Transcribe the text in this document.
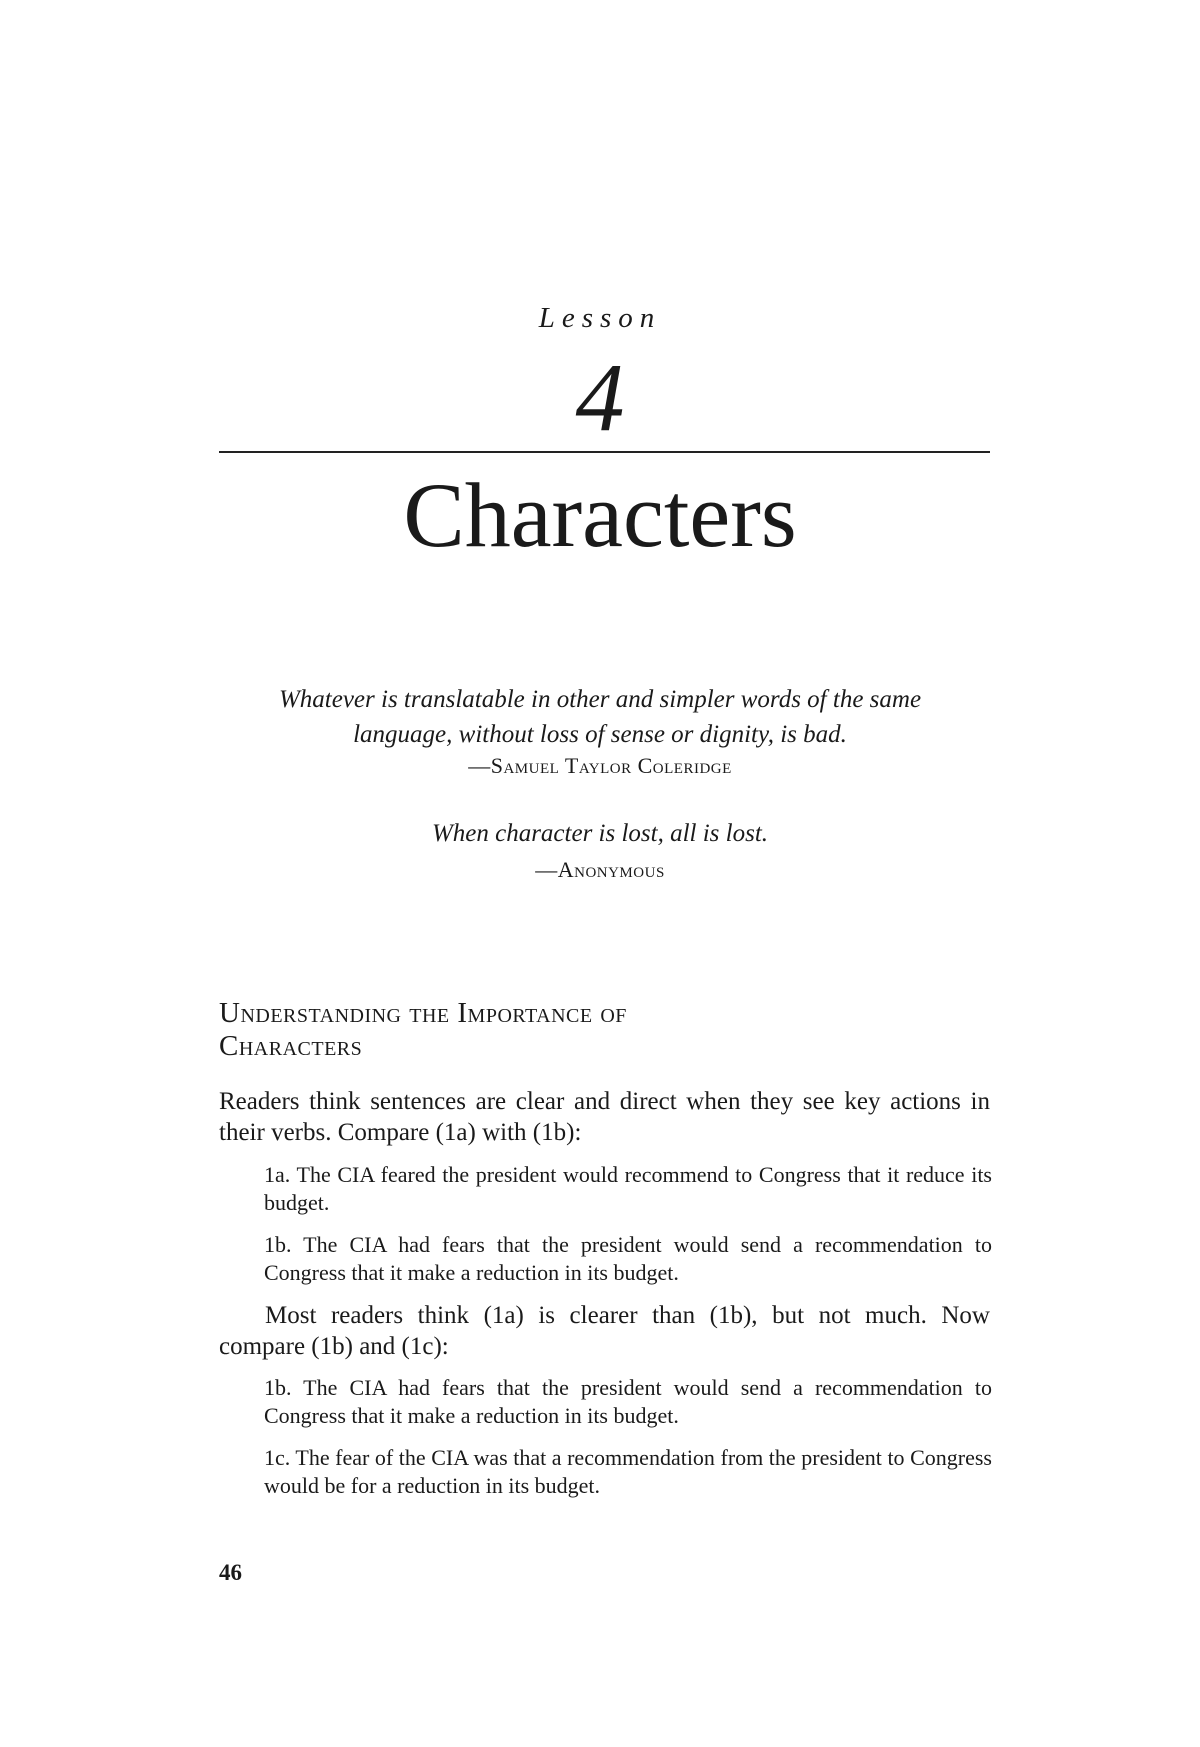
Lesson
4
Characters
Whatever is translatable in other and simpler words of the same
language, without loss of sense or dignity, is bad.
—Samuel Taylor Coleridge
When character is lost, all is lost.
—Anonymous
Understanding the Importance of
Characters
Readers think sentences are clear and direct when they see key actions in their verbs. Compare (1a) with (1b):
1a. The CIA feared the president would recommend to Congress that it reduce its budget.
1b. The CIA had fears that the president would send a recommendation to Congress that it make a reduction in its budget.
Most readers think (1a) is clearer than (1b), but not much. Now compare (1b) and (1c):
1b. The CIA had fears that the president would send a recommendation to Congress that it make a reduction in its budget.
1c. The fear of the CIA was that a recommendation from the president to Congress would be for a reduction in its budget.
46
